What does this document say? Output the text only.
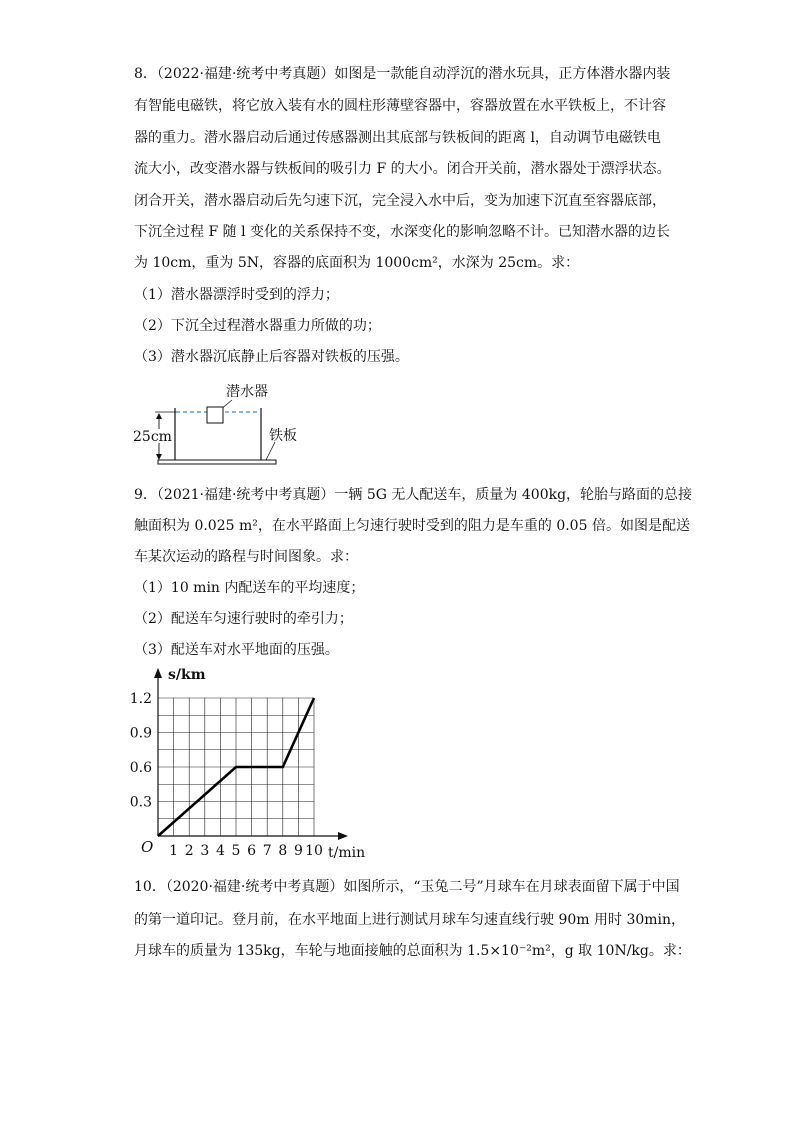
8．（2022·福建·统考中考真题）如图是一款能自动浮沉的潜水玩具，正方体潜水器内装
有智能电磁铁，将它放入装有水的圆柱形薄壁容器中，容器放置在水平铁板上，不计容
器的重力。潜水器启动后通过传感器测出其底部与铁板间的距离 l，自动调节电磁铁电
流大小，改变潜水器与铁板间的吸引力 F 的大小。闭合开关前，潜水器处于漂浮状态。
闭合开关，潜水器启动后先匀速下沉，完全浸入水中后，变为加速下沉直至容器底部，
下沉全过程 F 随 l 变化的关系保持不变，水深变化的影响忽略不计。已知潜水器的边长
为 10cm，重为 5N，容器的底面积为 1000cm²，水深为 25cm。求：
（1）潜水器漂浮时受到的浮力；
（2）下沉全过程潜水器重力所做的功；
（3）潜水器沉底静止后容器对铁板的压强。
潜水器
铁板
25cm
9．（2021·福建·统考中考真题）一辆 5G 无人配送车，质量为 400kg，轮胎与路面的总接
触面积为 0.025 m²，在水平路面上匀速行驶时受到的阻力是车重的 0.05 倍。如图是配送
车某次运动的路程与时间图象。求：
（1）10 min 内配送车的平均速度；
（2）配送车匀速行驶时的牵引力；
（3）配送车对水平地面的压强。
1 2 3 4 5 6 7 8 9 10
0.3
0.6
0.9
1.2
O	t/min
s/km
10．（2020·福建·统考中考真题）如图所示，“玉兔二号”月球车在月球表面留下属于中国
的第一道印记。登月前，在水平地面上进行测试月球车匀速直线行驶 90m 用时 30min，
月球车的质量为 135kg，车轮与地面接触的总面积为 1.5×10⁻²m²，g 取 10N/kg。求：
